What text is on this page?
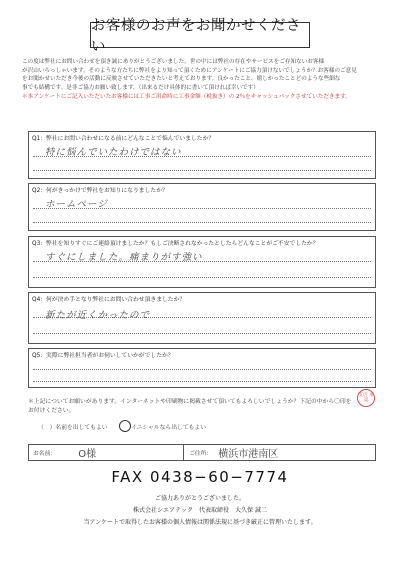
お客様のお声をお聞かせください

この度は弊社にお問い合わせを頂き誠にありがとうございました。世の中には弊社の存在やサービスをご存知ないお客様

が沢山いらっしゃいます。そのような方たちに弊社をより知って頂くためにアンケートにご協力頂けないでしょうか？お客様のご意見

をお聞かせいただき今後の活動に反映させていただきたいと考えております。良かったこと、嬉しかったことどのような些細な

事でも結構です。是非ご協力お願い致します。（出来るだけ具体的に書いて頂ければ幸いです）

＊本アンケートにご記入いただいたお客様には工事ご用命時に工事金額（税抜き）の 2％をキャッシュバックさせていただきます。

Q1：弊社にお問い合わせになる前にどんなことで悩んでいましたか？
特に悩んでいたわけではない
Q2：何がきっかけで弊社をお知りになりましたか？
ホームページ
Q3：弊社を知りすぐにご連絡頂けましたか？もしご決断されなかったとしたらどんなことがご不安でしたか？
すぐにしました。痛まりがす強い
Q4：何が決め手となり弊社にお問い合わせ頂きましたか？
新たが近くかったので
Q5：実際に弊社担当者がお伺いしていかがでしたか？
＊上記についてお願いがあります。インターネットや印刷物に掲載させて頂いてもよろしいでしょうか？下記の中から〇印を
お付けください。
（　）名前を出してもよい	イニシャルなら出してもよい
支店 承認
お名前： O様	ご住所： 横浜市港南区
FAX 0438−60−7774
ご協力ありがとうございました。
株式会社シエアテック　代表取締役　大久保 誠二
当アンケートで取得したお客様の個人情報は関係法規に基づき厳正に管理いたします。
